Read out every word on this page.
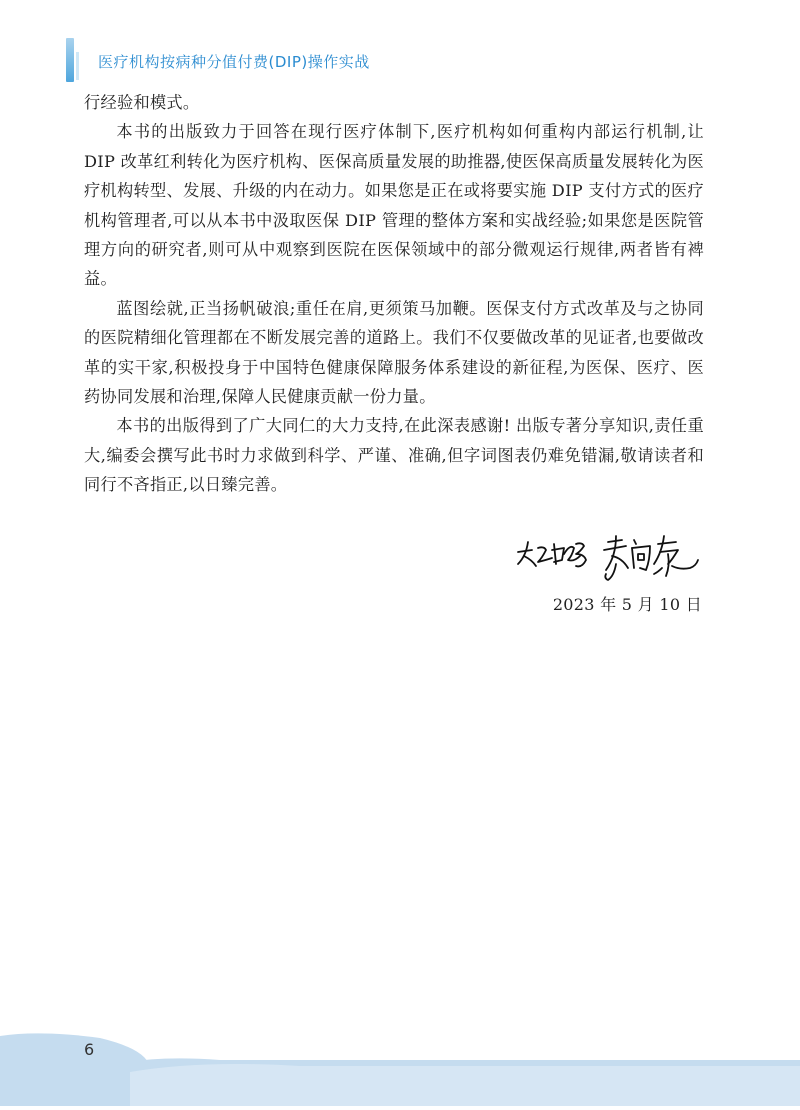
医疗机构按病种分值付费(DIP)操作实战

行经验和模式。

本书的出版致力于回答在现行医疗体制下,医疗机构如何重构内部运行机制,让 DIP 改革红利转化为医疗机构、医保高质量发展的助推器,使医保高质量发展转化为医疗机构转型、发展、升级的内在动力。如果您是正在或将要实施 DIP 支付方式的医疗机构管理者,可以从本书中汲取医保 DIP 管理的整体方案和实战经验;如果您是医院管理方向的研究者,则可从中观察到医院在医保领域中的部分微观运行规律,两者皆有裨益。

蓝图绘就,正当扬帆破浪;重任在肩,更须策马加鞭。医保支付方式改革及与之协同的医院精细化管理都在不断发展完善的道路上。我们不仅要做改革的见证者,也要做改革的实干家,积极投身于中国特色健康保障服务体系建设的新征程,为医保、医疗、医药协同发展和治理,保障人民健康贡献一份力量。

本书的出版得到了广大同仁的大力支持,在此深表感谢! 出版专著分享知识,责任重大,编委会撰写此书时力求做到科学、严谨、准确,但字词图表仍难免错漏,敬请读者和同行不吝指正,以日臻完善。

2023 年 5 月 10 日
6
